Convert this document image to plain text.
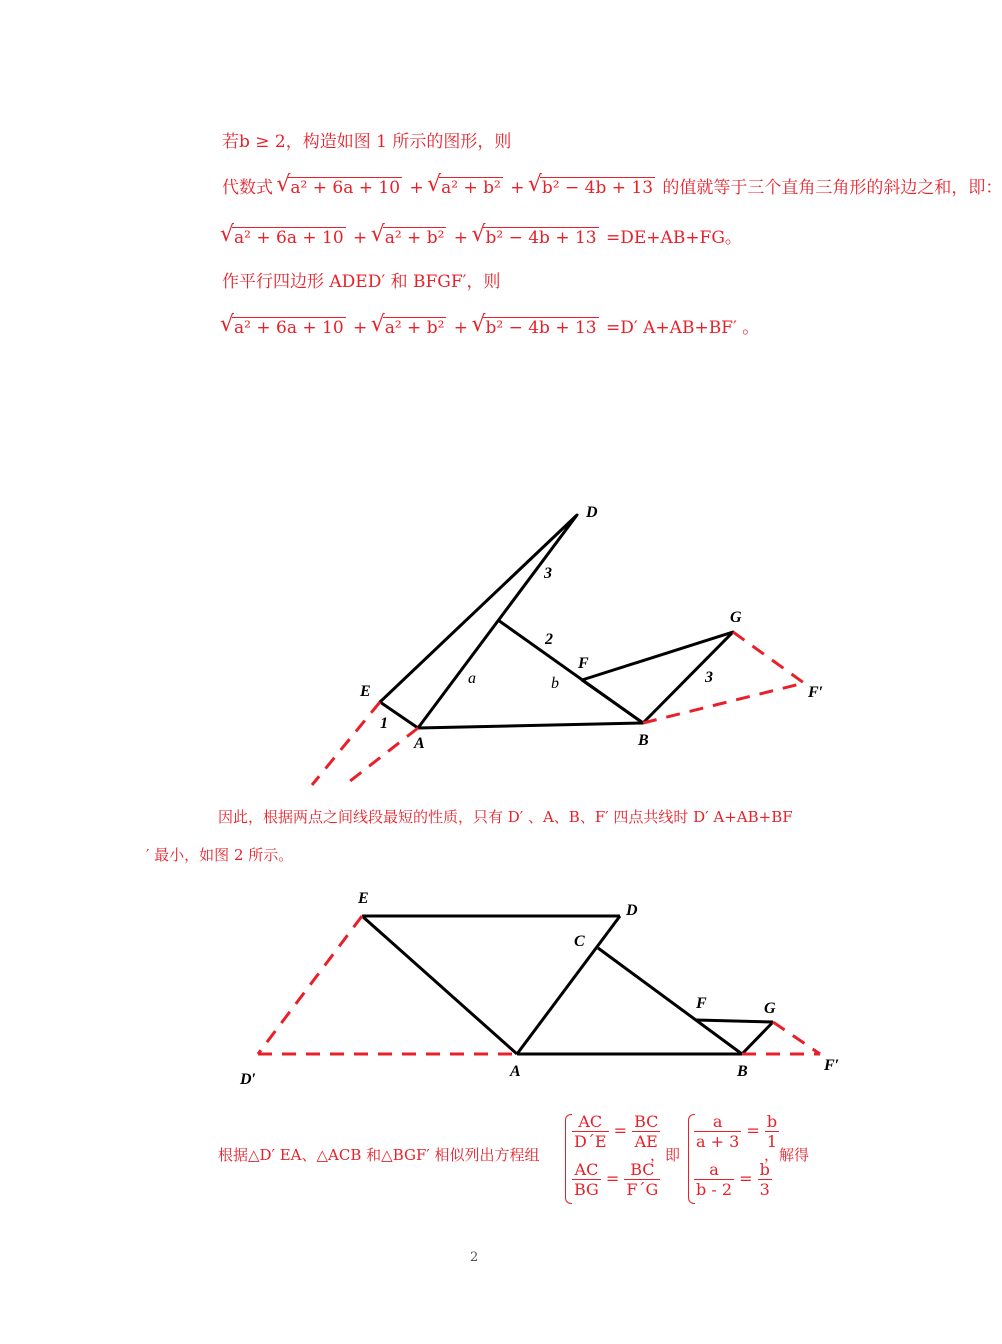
若b ≥ 2，构造如图 1 所示的图形，则
代数式 √ a² + 6a + 10 + √ a² + b² + √ b² − 4b + 13 的值就等于三个直角三角形的斜边之和，即：
√ a² + 6a + 10 + √ a² + b² + √ b² − 4b + 13 =DE+AB+FG。
作平行四边形 ADED′ 和 BFGF′，则
√ a² + 6a + 10 + √ a² + b² + √ b² − 4b + 13 =D′ A+AB+BF′ 。
D
E
A	B
F
G
F′
3
2
3
1
a	b
E
D
C
F	G
D′	A	B	F′
因此，根据两点之间线段最短的性质，只有 D′ 、A、B、F′ 四点共线时 D′ A+AB+BF
′ 最小，如图 2 所示。
根据△D′ EA、△ACB 和△BGF′ 相似列出方程组
$\frac{AC}{D´E} = \frac{BC}{AE}$
$\frac{AC}{BG} = \frac{BC}{F´G}$
，即
$\frac{a}{a + 3} = \frac{b}{1}$
$\frac{a}{b - 2} = \frac{b}{3}$
，解得
2
